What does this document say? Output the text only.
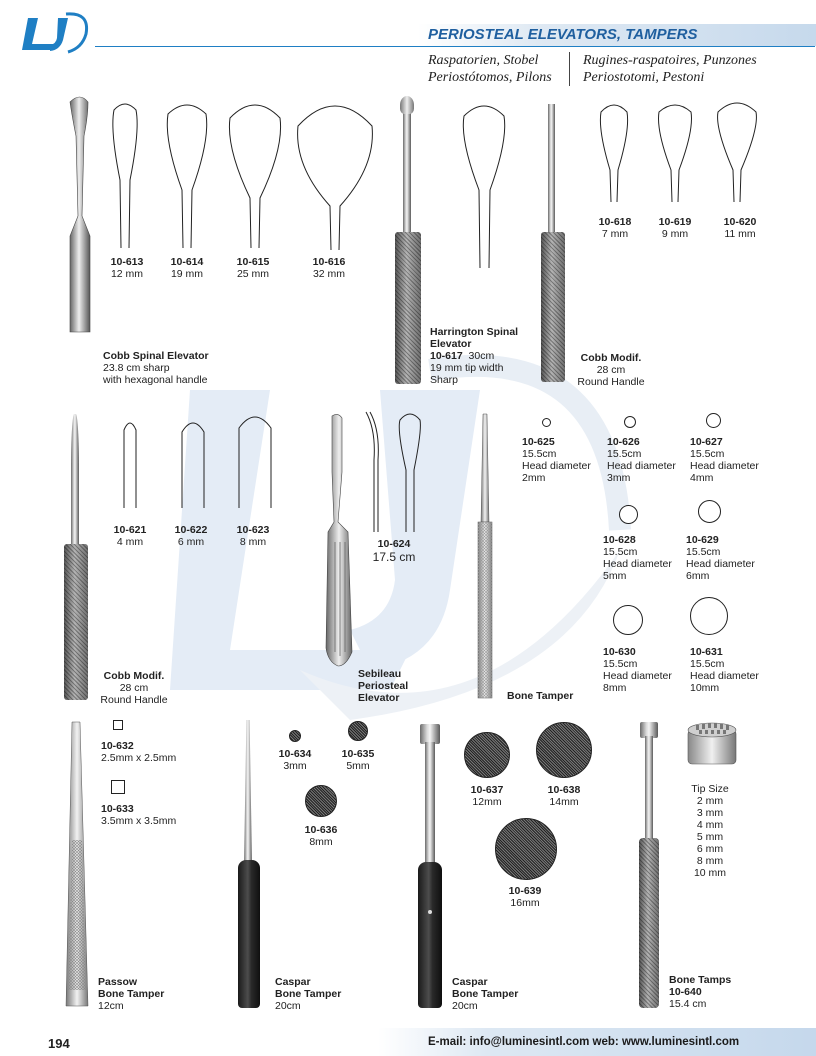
PERIOSTEAL ELEVATORS, TAMPERS
Raspatorien, Stobel
Periostótomos, Pilons
Rugines-raspatoires, Punzones
Periostotomi, Pestoni
10-613
12 mm
10-614
19 mm
10-615
25 mm
10-616
32 mm
Cobb Spinal Elevator
23.8 cm sharp
with hexagonal handle
Harrington Spinal
Elevator
10-617 30cm
19 mm tip width
Sharp
10-618
7 mm
10-619
9 mm
10-620
11 mm
Cobb Modif.
28 cm
Round Handle
10-621
4 mm
10-622
6 mm
10-623
8 mm
Cobb Modif.
28 cm
Round Handle
10-624
17.5 cm
Sebileau
Periosteal
Elevator	Bone Tamper
10-625
15.5cm
Head diameter
2mm
10-626
15.5cm
Head diameter
3mm
10-627
15.5cm
Head diameter
4mm
10-628
15.5cm
Head diameter
5mm
10-629
15.5cm
Head diameter
6mm
10-630
15.5cm
Head diameter
8mm
10-631
15.5cm
Head diameter
10mm
10-632
2.5mm x 2.5mm
10-633
3.5mm x 3.5mm
Passow
Bone Tamper
12cm
10-634
3mm
10-635
5mm
10-636
8mm
Caspar
Bone Tamper
20cm
10-637
12mm
10-638
14mm
10-639
16mm
Caspar
Bone Tamper
20cm
Tip Size
2 mm
3 mm
4 mm
5 mm
6 mm
8 mm
10 mm
Bone Tamps
10-640
15.4 cm
194	E-mail: info@luminesintl.com web: www.luminesintl.com
